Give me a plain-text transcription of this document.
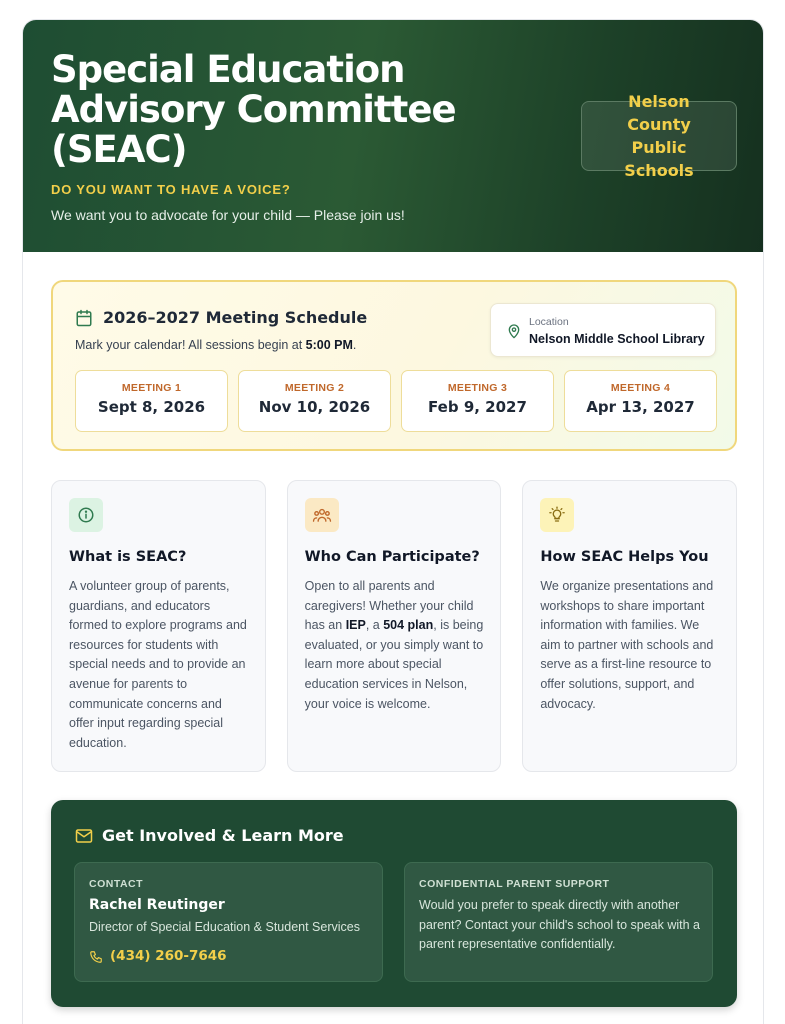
Special Education Advisory Committee (SEAC)
DO YOU WANT TO HAVE A VOICE?
We want you to advocate for your child — Please join us!
Nelson County Public Schools
2026–2027 Meeting Schedule
Mark your calendar! All sessions begin at 5:00 PM.
Location
Nelson Middle School Library
MEETING 1
Sept 8, 2026
MEETING 2
Nov 10, 2026
MEETING 3
Feb 9, 2027
MEETING 4
Apr 13, 2027
What is SEAC?
A volunteer group of parents, guardians, and educators formed to explore programs and resources for students with special needs and to provide an avenue for parents to communicate concerns and offer input regarding special education.
Who Can Participate?
Open to all parents and caregivers! Whether your child has an IEP, a 504 plan, is being evaluated, or you simply want to learn more about special education services in Nelson, your voice is welcome.
How SEAC Helps You
We organize presentations and workshops to share important information with families. We aim to partner with schools and serve as a first-line resource to offer solutions, support, and advocacy.
Get Involved & Learn More
CONTACT
Rachel Reutinger
Director of Special Education & Student Services
(434) 260-7646
CONFIDENTIAL PARENT SUPPORT
Would you prefer to speak directly with another parent? Contact your child's school to speak with a parent representative confidentially.
